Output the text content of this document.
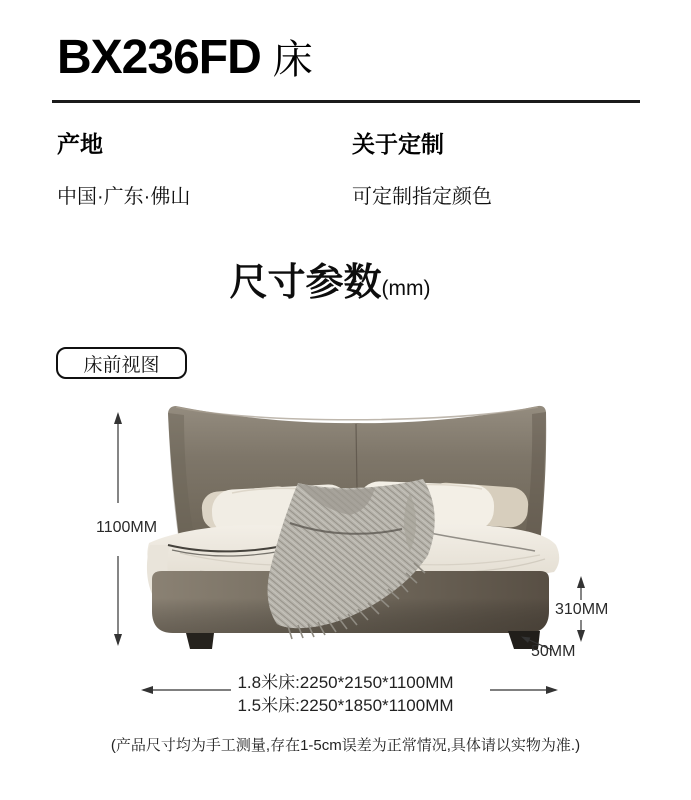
BX236FD 床
产地
中国·广东·佛山
关于定制
可定制指定颜色
尺寸参数(mm)
床前视图
1100MM
310MM
50MM
1.8米床:2250*2150*1100MM
1.5米床:2250*1850*1100MM
(产品尺寸均为手工测量,存在1-5cm误差为正常情况,具体请以实物为准.)
